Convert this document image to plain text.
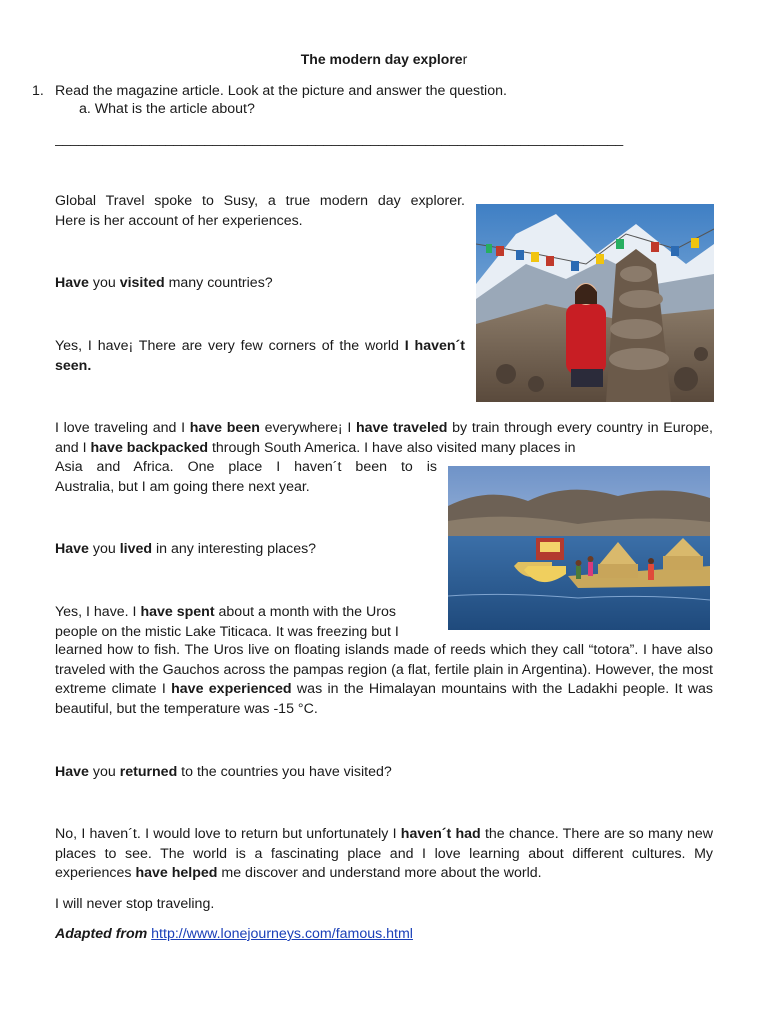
The modern day explorer
1. Read the magazine article. Look at the picture and answer the question.
a. What is the article about?
________________________________________________________________________
Global Travel spoke to Susy, a true modern day explorer.
Here is her account of her experiences.
Have you visited many countries?
Yes, I have¡ There are very few corners of the world I haven´t seen.
I love traveling and I have been everywhere¡ I have traveled by train through every country in Europe, and I have backpacked through South America. I have also visited many places in
Asia and Africa. One place I haven´t been to is
Australia, but I am going there next year.
Have you lived in any interesting places?
Yes, I have. I have spent about a month with the Uros
people on the mistic Lake Titicaca. It was freezing but I
learned how to fish. The Uros live on floating islands made of reeds which they call “totora”. I have also traveled with the Gauchos across the pampas region (a flat, fertile plain in Argentina). However, the most extreme climate I have experienced was in the Himalayan mountains with the Ladakhi people. It was beautiful, but the temperature was -15 °C.
Have you returned to the countries you have visited?
No, I haven´t. I would love to return but unfortunately I haven´t had the chance. There are so many new places to see. The world is a fascinating place and I love learning about different cultures. My experiences have helped me discover and understand more about the world.
I will never stop traveling.
Adapted from http://www.lonejourneys.com/famous.html
